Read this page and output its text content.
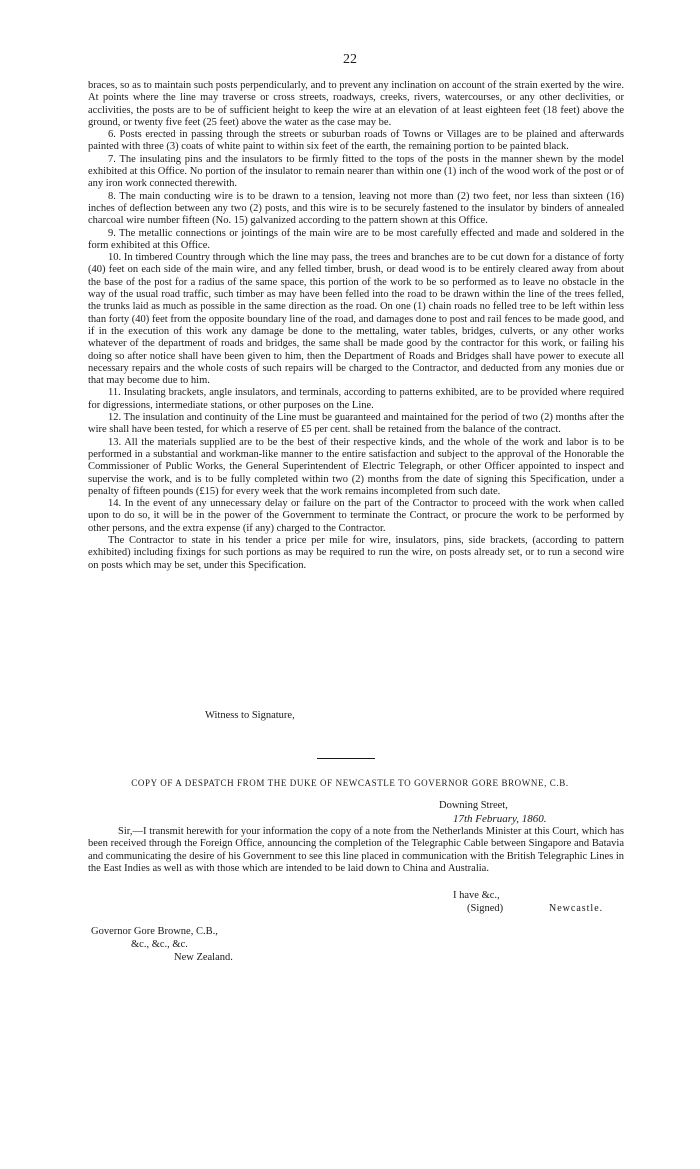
22

braces, so as to maintain such posts perpendicularly, and to prevent any inclination on account of the strain exerted by the wire. At points where the line may traverse or cross streets, roadways, creeks, rivers, watercourses, or any other declivities, or acclivities, the posts are to be of sufficient height to keep the wire at an elevation of at least eighteen feet (18 feet) above the ground, or twenty five feet (25 feet) above the water as the case may be.

6. Posts erected in passing through the streets or suburban roads of Towns or Villages are to be plained and afterwards painted with three (3) coats of white paint to within six feet of the earth, the remaining portion to be painted black.

7. The insulating pins and the insulators to be firmly fitted to the tops of the posts in the manner shewn by the model exhibited at this Office. No portion of the insulator to remain nearer than within one (1) inch of the wood work of the post or of any iron work connected therewith.

8. The main conducting wire is to be drawn to a tension, leaving not more than (2) two feet, nor less than sixteen (16) inches of deflection between any two (2) posts, and this wire is to be securely fastened to the insulator by binders of annealed charcoal wire number fifteen (No. 15) galvanized according to the pattern shown at this Office.

9. The metallic connections or jointings of the main wire are to be most carefully effected and made and soldered in the form exhibited at this Office.

10. In timbered Country through which the line may pass, the trees and branches are to be cut down for a distance of forty (40) feet on each side of the main wire, and any felled timber, brush, or dead wood is to be entirely cleared away from about the base of the post for a radius of the same space, this portion of the work to be so performed as to leave no obstacle in the way of the usual road traffic, such timber as may have been felled into the road to be drawn within the line of the trees felled, the trunks laid as much as possible in the same direction as the road. On one (1) chain roads no felled tree to be left within less than forty (40) feet from the opposite boundary line of the road, and damages done to post and rail fences to be made good, and if in the execution of this work any damage be done to the mettaling, water tables, bridges, culverts, or any other works whatever of the department of roads and bridges, the same shall be made good by the contractor for this work, or failing his doing so after notice shall have been given to him, then the Department of Roads and Bridges shall have power to execute all necessary repairs and the whole costs of such repairs will be charged to the Contractor, and deducted from any monies due or that may become due to him.

11. Insulating brackets, angle insulators, and terminals, according to patterns exhibited, are to be provided where required for digressions, intermediate stations, or other purposes on the Line.

12. The insulation and continuity of the Line must be guaranteed and maintained for the period of two (2) months after the wire shall have been tested, for which a reserve of £5 per cent. shall be retained from the balance of the contract.

13. All the materials supplied are to be the best of their respective kinds, and the whole of the work and labor is to be performed in a substantial and workman-like manner to the entire satisfaction and subject to the approval of the Honorable the Commissioner of Public Works, the General Superintendent of Electric Telegraph, or other Officer appointed to inspect and supervise the work, and is to be fully completed within two (2) months from the date of signing this Specification, under a penalty of fifteen pounds (£15) for every week that the work remains incompleted from such date.

14. In the event of any unnecessary delay or failure on the part of the Contractor to proceed with the work when called upon to do so, it will be in the power of the Government to terminate the Contract, or procure the work to be performed by other persons, and the extra expense (if any) charged to the Contractor.

The Contractor to state in his tender a price per mile for wire, insulators, pins, side brackets, (according to pattern exhibited) including fixings for such portions as may be required to run the wire, on posts already set, or to run a second wire on posts which may be set, under this Specification.

Witness to Signature,
COPY OF A DESPATCH FROM THE DUKE OF NEWCASTLE TO GOVERNOR GORE BROWNE, C.B.
Downing Street,
17th February, 1860.

Sir,—I transmit herewith for your information the copy of a note from the Netherlands Minister at this Court, which has been received through the Foreign Office, announcing the completion of the Telegraphic Cable between Singapore and Batavia and communicating the desire of his Government to see this line placed in communication with the British Telegraphic Lines in the East Indies as well as with those which are intended to be laid down to China and Australia.

I have &c.,
(Signed)	Newcastle.
Governor Gore Browne, C.B.,
&c., &c., &c.
New Zealand.
